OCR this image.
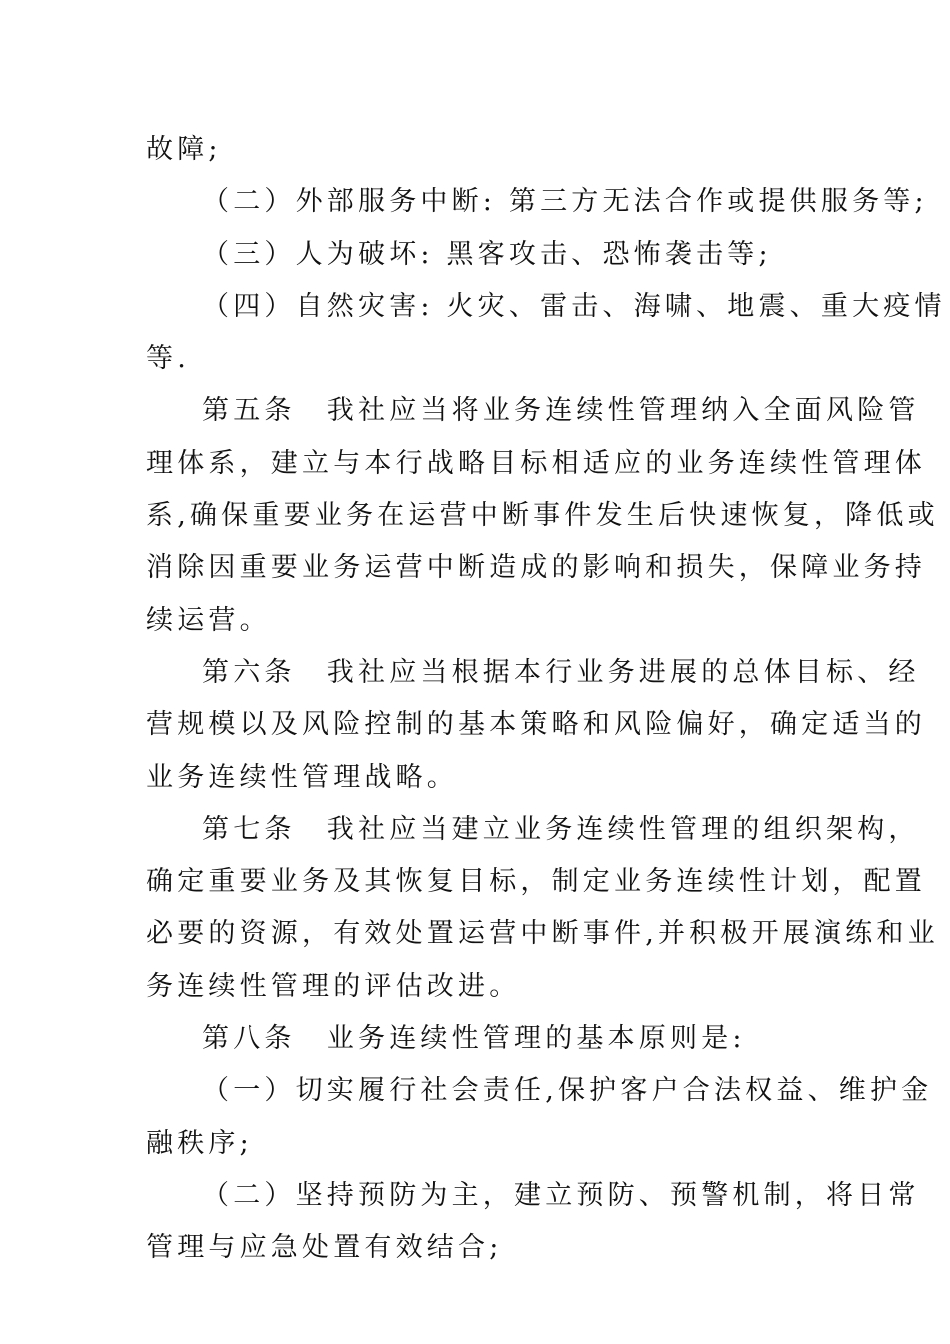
故障;
（二）外部服务中断: 第三方无法合作或提供服务等;
（三）人为破坏: 黑客攻击、恐怖袭击等;
（四）自然灾害: 火灾、雷击、海啸、地震、重大疫情
等.
第五条　我社应当将业务连续性管理纳入全面风险管
理体系，建立与本行战略目标相适应的业务连续性管理体
系,确保重要业务在运营中断事件发生后快速恢复，降低或
消除因重要业务运营中断造成的影响和损失，保障业务持
续运营。
第六条　我社应当根据本行业务进展的总体目标、经
营规模以及风险控制的基本策略和风险偏好，确定适当的
业务连续性管理战略。
第七条　我社应当建立业务连续性管理的组织架构，
确定重要业务及其恢复目标，制定业务连续性计划，配置
必要的资源，有效处置运营中断事件,并积极开展演练和业
务连续性管理的评估改进。
第八条　业务连续性管理的基本原则是:
（一）切实履行社会责任,保护客户合法权益、维护金
融秩序;
（二）坚持预防为主，建立预防、预警机制，将日常
管理与应急处置有效结合;
